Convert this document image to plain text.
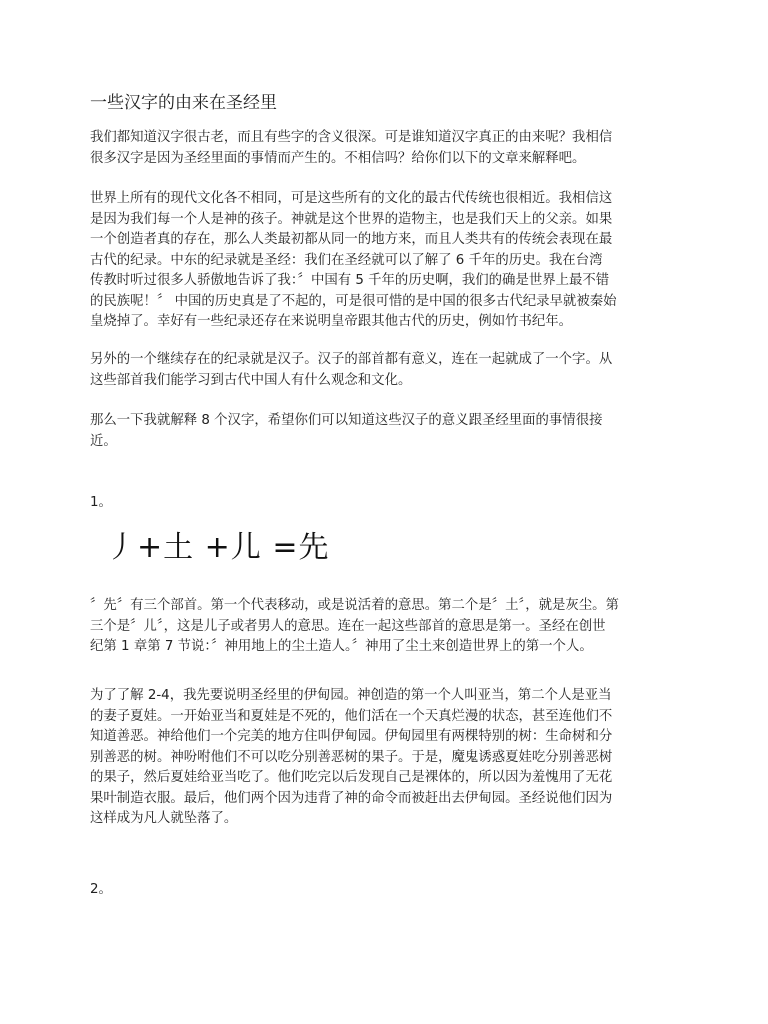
一些汉字的由来在圣经里

我们都知道汉字很古老，而且有些字的含义很深。可是谁知道汉字真正的由来呢？我相信
很多汉字是因为圣经里面的事情而产生的。不相信吗？给你们以下的文章来解释吧。

世界上所有的现代文化各不相同，可是这些所有的文化的最古代传统也很相近。我相信这
是因为我们每一个人是神的孩子。神就是这个世界的造物主，也是我们天上的父亲。如果
一个创造者真的存在，那么人类最初都从同一的地方来，而且人类共有的传统会表现在最
古代的纪录。中东的纪录就是圣经：我们在圣经就可以了解了 6 千年的历史。我在台湾
传教时听过很多人骄傲地告诉了我：〞中国有 5 千年的历史啊，我们的确是世界上最不错
的民族呢！〞 中国的历史真是了不起的，可是很可惜的是中国的很多古代纪录早就被秦始
皇烧掉了。幸好有一些纪录还存在来说明皇帝跟其他古代的历史，例如竹书纪年。

另外的一个继续存在的纪录就是汉子。汉子的部首都有意义，连在一起就成了一个字。从
这些部首我们能学习到古代中国人有什么观念和文化。

那么一下我就解释 8 个汉字，希望你们可以知道这些汉子的意义跟圣经里面的事情很接
近。

1。

〞先〞有三个部首。第一个代表移动，或是说活着的意思。第二个是〞土〞，就是灰尘。第
三个是〞儿〞，这是儿子或者男人的意思。连在一起这些部首的意思是第一。圣经在创世
纪第 1 章第 7 节说：〞神用地上的尘土造人。〞神用了尘土来创造世界上的第一个人。

为了了解 2-4，我先要说明圣经里的伊甸园。神创造的第一个人叫亚当，第二个人是亚当
的妻子夏娃。一开始亚当和夏娃是不死的，他们活在一个天真烂漫的状态，甚至连他们不
知道善恶。神给他们一个完美的地方住叫伊甸园。伊甸园里有两棵特别的树：生命树和分
别善恶的树。神吩咐他们不可以吃分别善恶树的果子。于是，魔鬼诱惑夏娃吃分别善恶树
的果子，然后夏娃给亚当吃了。他们吃完以后发现自己是裸体的，所以因为羞愧用了无花
果叶制造衣服。最后，他们两个因为违背了神的命令而被赶出去伊甸园。圣经说他们因为
这样成为凡人就坠落了。

2。
丿+土 +儿 =先
